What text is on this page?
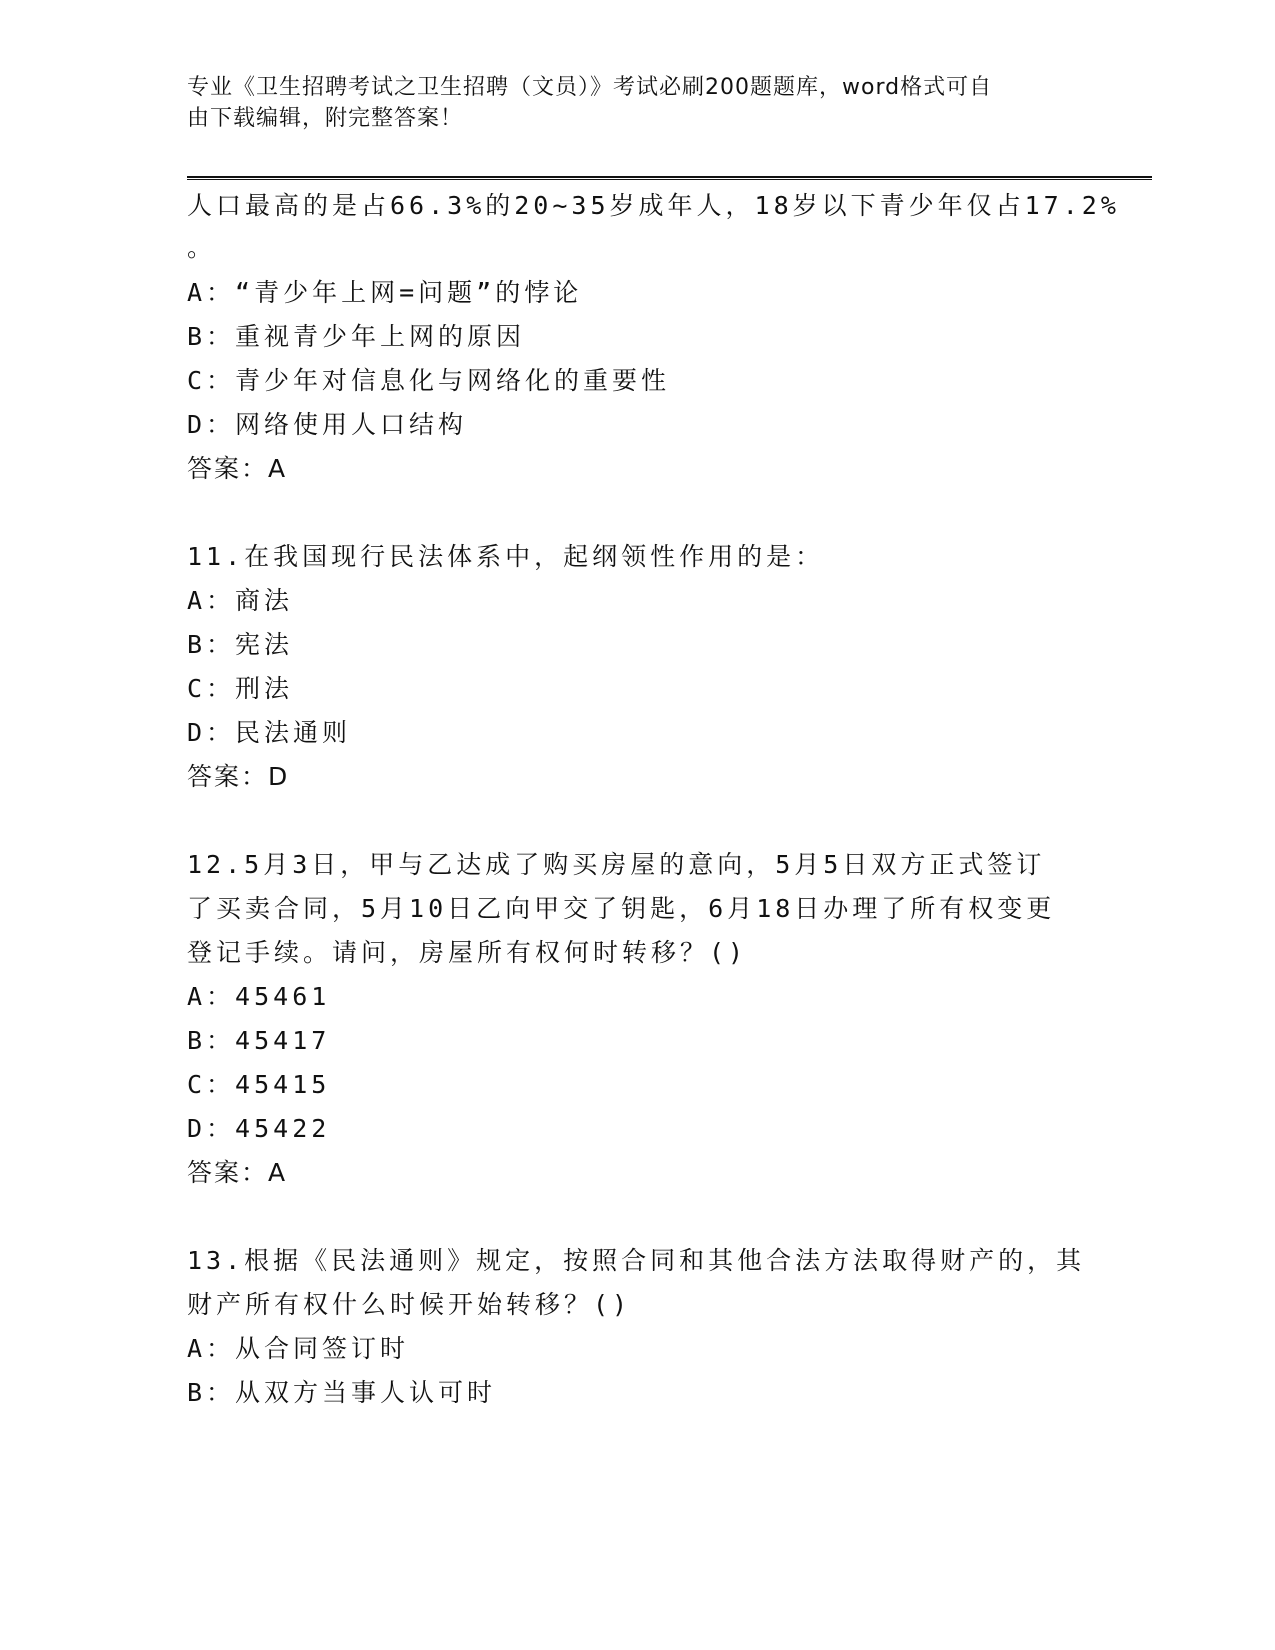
专业《卫生招聘考试之卫生招聘（文员）》考试必刷200题题库，word格式可自
由下载编辑，附完整答案！
人口最高的是占66.3%的20~35岁成年人，18岁以下青少年仅占17.2%
。
A：“青少年上网=问题”的悖论
B：重视青少年上网的原因
C：青少年对信息化与网络化的重要性
D：网络使用人口结构
答案：A
11.在我国现行民法体系中，起纲领性作用的是：
A：商法
B：宪法
C：刑法
D：民法通则
答案：D
12.5月3日，甲与乙达成了购买房屋的意向，5月5日双方正式签订
了买卖合同，5月10日乙向甲交了钥匙，6月18日办理了所有权变更
登记手续。请问，房屋所有权何时转移？()
A：45461
B：45417
C：45415
D：45422
答案：A
13.根据《民法通则》规定，按照合同和其他合法方法取得财产的，其
财产所有权什么时候开始转移？()
A：从合同签订时
B：从双方当事人认可时
